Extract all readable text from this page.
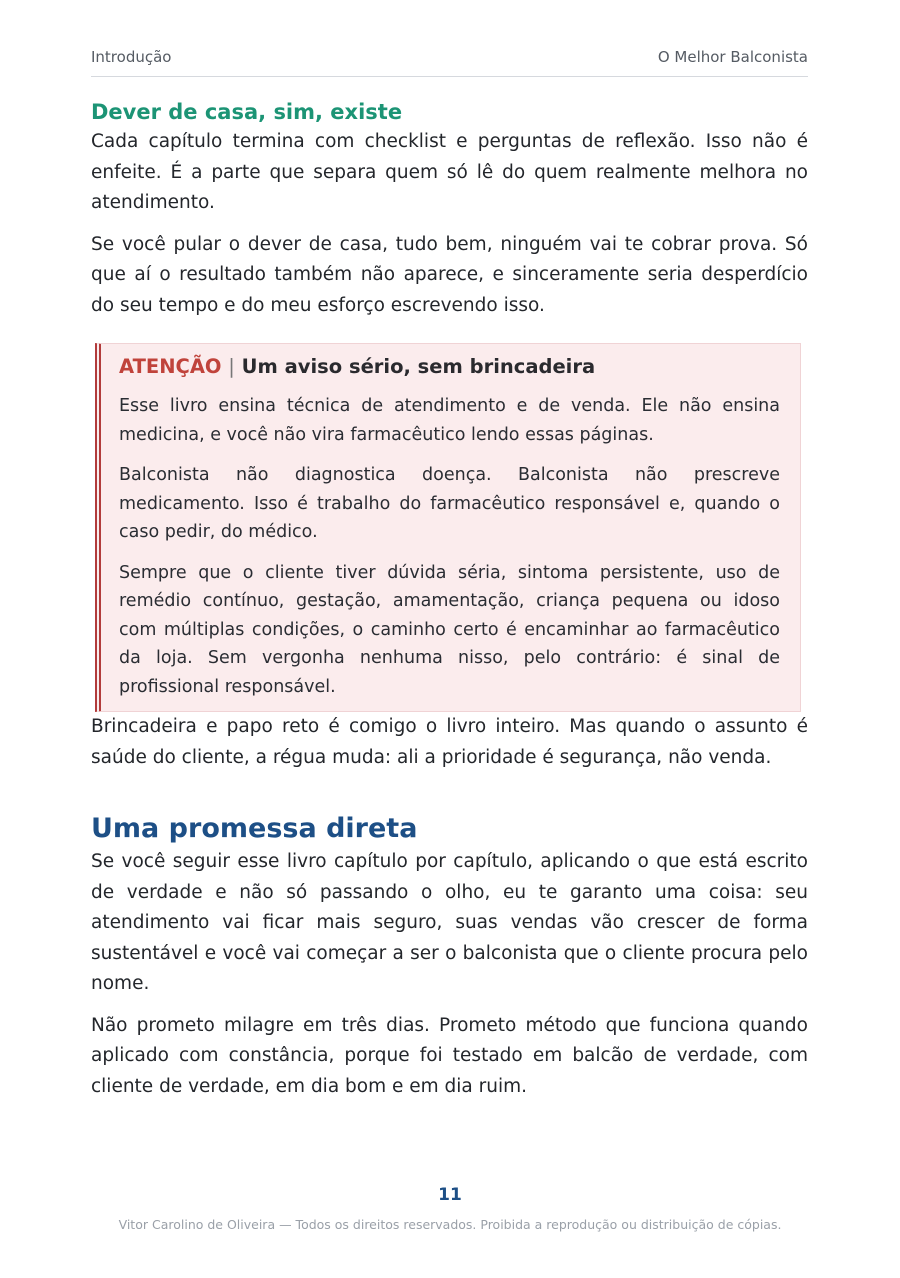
Introdução	O Melhor Balconista
Dever de casa, sim, existe

Cada capítulo termina com checklist e perguntas de reflexão. Isso não é enfeite. É a parte que separa quem só lê do quem realmente melhora no atendimento.

Se você pular o dever de casa, tudo bem, ninguém vai te cobrar prova. Só que aí o resultado também não aparece, e sinceramente seria desperdício do seu tempo e do meu esforço escrevendo isso.

ATENÇÃO | Um aviso sério, sem brincadeira

Esse livro ensina técnica de atendimento e de venda. Ele não ensina medicina, e você não vira farmacêutico lendo essas páginas.

Balconista não diagnostica doença. Balconista não prescreve medicamento. Isso é trabalho do farmacêutico responsável e, quando o caso pedir, do médico.

Sempre que o cliente tiver dúvida séria, sintoma persistente, uso de remédio contínuo, gestação, amamentação, criança pequena ou idoso com múltiplas condições, o caminho certo é encaminhar ao farmacêutico da loja. Sem vergonha nenhuma nisso, pelo contrário: é sinal de profissional responsável.

Brincadeira e papo reto é comigo o livro inteiro. Mas quando o assunto é saúde do cliente, a régua muda: ali a prioridade é segurança, não venda.

Uma promessa direta

Se você seguir esse livro capítulo por capítulo, aplicando o que está escrito de verdade e não só passando o olho, eu te garanto uma coisa: seu atendimento vai ficar mais seguro, suas vendas vão crescer de forma sustentável e você vai começar a ser o balconista que o cliente procura pelo nome.

Não prometo milagre em três dias. Prometo método que funciona quando aplicado com constância, porque foi testado em balcão de verdade, com cliente de verdade, em dia bom e em dia ruim.

11
Vitor Carolino de Oliveira — Todos os direitos reservados. Proibida a reprodução ou distribuição de cópias.
